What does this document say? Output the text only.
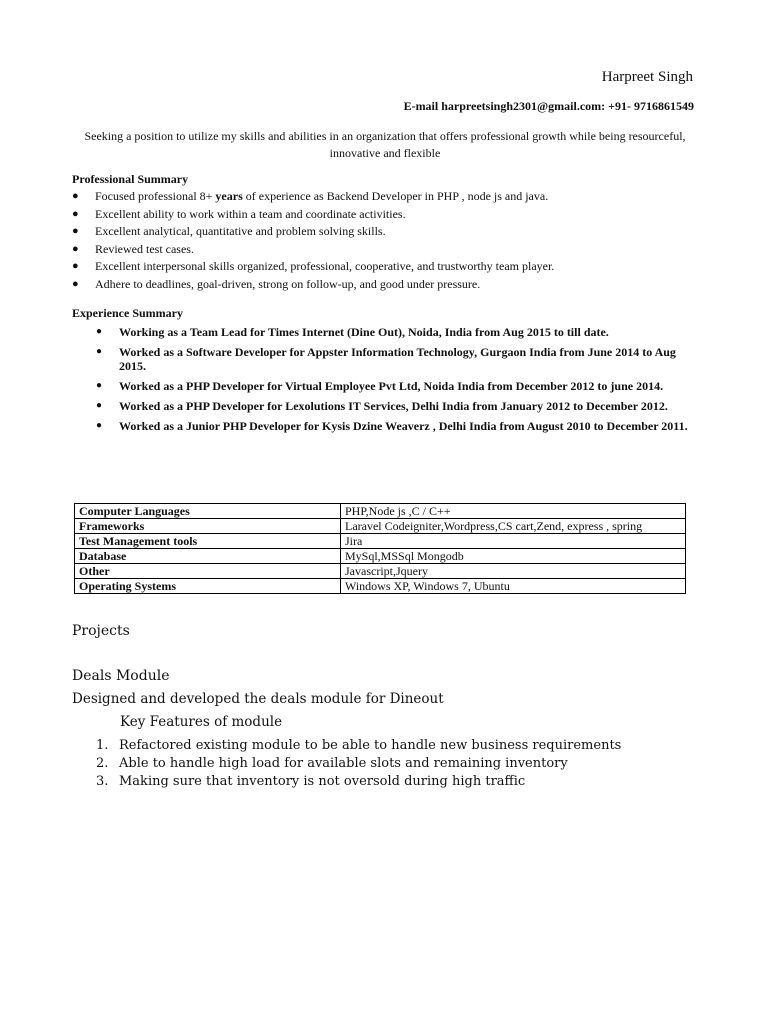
Harpreet Singh
E-mail harpreetsingh2301@gmail.com: +91- 9716861549
Seeking a position to utilize my skills and abilities in an organization that offers professional growth while being resourceful, innovative and flexible
Professional Summary
● Focused professional 8+ years of experience as Backend Developer in PHP , node js and java.
● Excellent ability to work within a team and coordinate activities.
● Excellent analytical, quantitative and problem solving skills.
● Reviewed test cases.
● Excellent interpersonal skills organized, professional, cooperative, and trustworthy team player.
● Adhere to deadlines, goal-driven, strong on follow-up, and good under pressure.
Experience Summary
● Working as a Team Lead for Times Internet (Dine Out), Noida, India from Aug 2015 to till date.
● Worked as a Software Developer for Appster Information Technology, Gurgaon India from June 2014 to Aug 2015.
● Worked as a PHP Developer for Virtual Employee Pvt Ltd, Noida India from December 2012 to june 2014.
● Worked as a PHP Developer for Lexolutions IT Services, Delhi India from January 2012 to December 2012.
● Worked as a Junior PHP Developer for Kysis Dzine Weaverz , Delhi India from August 2010 to December 2011.
Computer Languages	PHP,Node js ,C / C++
Frameworks	Laravel Codeigniter,Wordpress,CS cart,Zend, express , spring
Test Management tools	Jira
Database	MySql,MSSql Mongodb
Other	Javascript,Jquery
Operating Systems	Windows XP, Windows 7, Ubuntu
Projects
Deals Module
Designed and developed the deals module for Dineout
Key Features of module
1. Refactored existing module to be able to handle new business requirements
2. Able to handle high load for available slots and remaining inventory
3. Making sure that inventory is not oversold during high traffic
